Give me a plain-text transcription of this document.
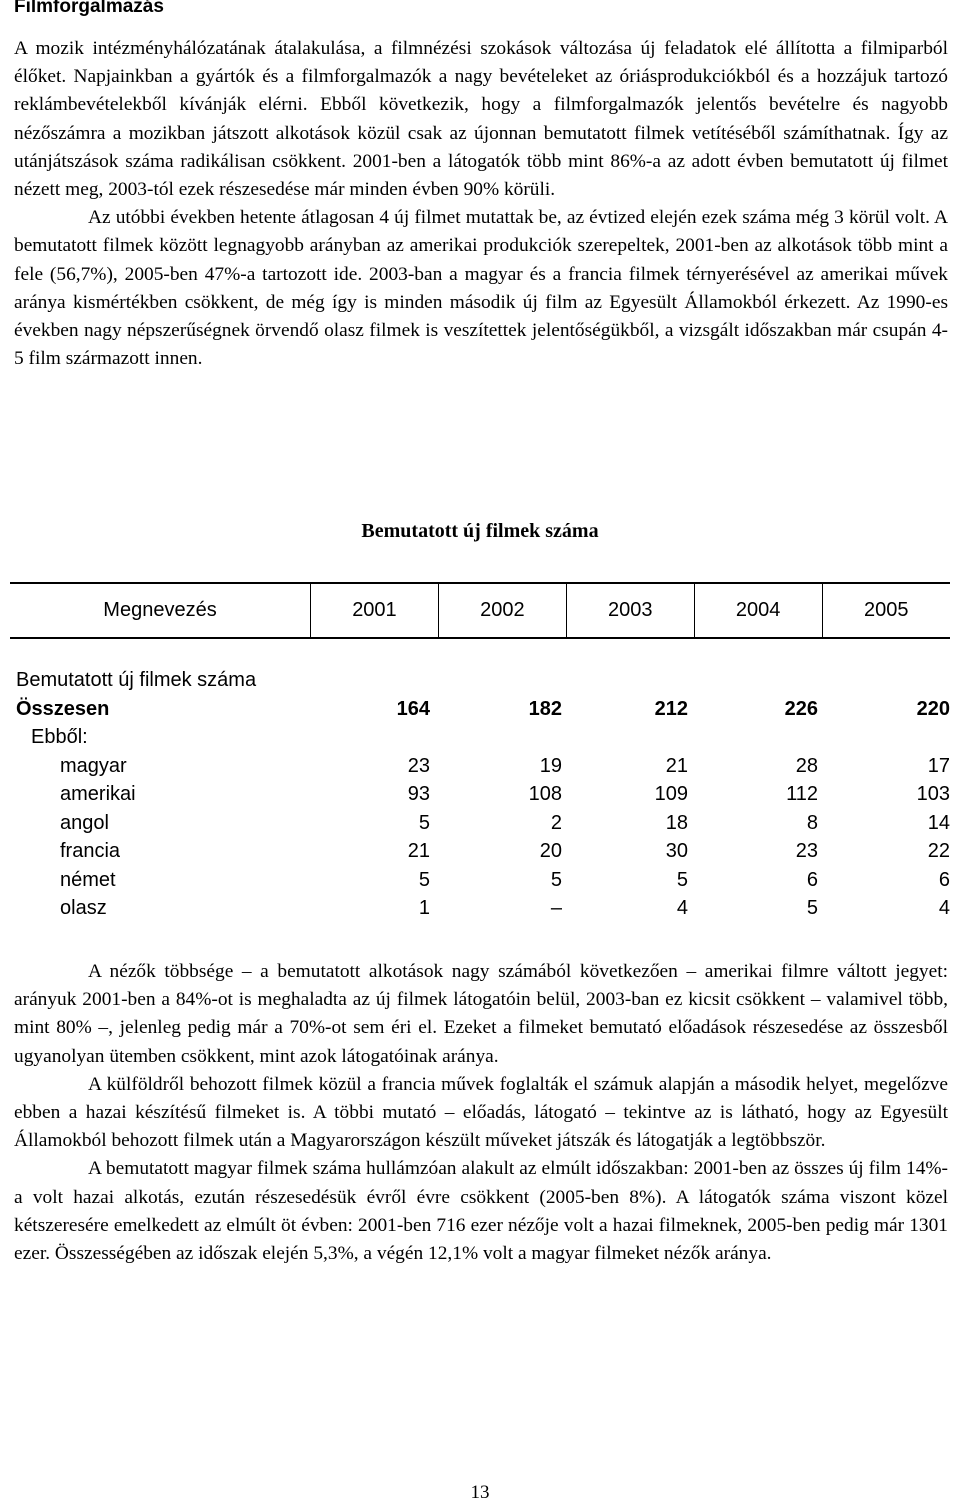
Filmforgalmazás

A mozik intézményhálózatának átalakulása, a filmnézési szokások változása új feladatok elé állította a filmiparból élőket. Napjainkban a gyártók és a filmforgalmazók a nagy bevételeket az óriásprodukciókból és a hozzájuk tartozó reklámbevételekből kívánják elérni. Ebből következik, hogy a filmforgalmazók jelentős bevételre és nagyobb nézőszámra a mozikban játszott alkotások közül csak az újonnan bemutatott filmek vetítéséből számíthatnak. Így az utánjátszások száma radikálisan csökkent. 2001-ben a látogatók több mint 86%-a az adott évben bemutatott új filmet nézett meg, 2003-tól ezek részesedése már minden évben 90% körüli.

Az utóbbi években hetente átlagosan 4 új filmet mutattak be, az évtized elején ezek száma még 3 körül volt. A bemutatott filmek között legnagyobb arányban az amerikai produkciók szerepeltek, 2001-ben az alkotások több mint a fele (56,7%), 2005-ben 47%-a tartozott ide. 2003-ban a magyar és a francia filmek térnyerésével az amerikai művek aránya kismértékben csökkent, de még így is minden második új film az Egyesült Államokból érkezett. Az 1990-es években nagy népszerűségnek örvendő olasz filmek is veszítettek jelentőségükből, a vizsgált időszakban már csupán 4-5 film származott innen.

Bemutatott új filmek száma
Megnevezés	2001	2002	2003	2004	2005
Bemutatott új filmek száma
Összesen	164	182	212	226	220
Ebből:
magyar	23	19	21	28	17
amerikai	93	108	109	112	103
angol	5	2	18	8	14
francia	21	20	30	23	22
német	5	5	5	6	6
olasz	1	–	4	5	4

A nézők többsége – a bemutatott alkotások nagy számából következően – amerikai filmre váltott jegyet: arányuk 2001-ben a 84%-ot is meghaladta az új filmek látogatóin belül, 2003-ban ez kicsit csökkent – valamivel több, mint 80% –, jelenleg pedig már a 70%-ot sem éri el. Ezeket a filmeket bemutató előadások részesedése az összesből ugyanolyan ütemben csökkent, mint azok látogatóinak aránya.

A külföldről behozott filmek közül a francia művek foglalták el számuk alapján a második helyet, megelőzve ebben a hazai készítésű filmeket is. A többi mutató – előadás, látogató – tekintve az is látható, hogy az Egyesült Államokból behozott filmek után a Magyarországon készült műveket játszák és látogatják a legtöbbször.

A bemutatott magyar filmek száma hullámzóan alakult az elmúlt időszakban: 2001-ben az összes új film 14%-a volt hazai alkotás, ezután részesedésük évről évre csökkent (2005-ben 8%). A látogatók száma viszont közel kétszeresére emelkedett az elmúlt öt évben: 2001-ben 716 ezer nézője volt a hazai filmeknek, 2005-ben pedig már 1301 ezer. Összességében az időszak elején 5,3%, a végén 12,1% volt a magyar filmeket nézők aránya.

13
